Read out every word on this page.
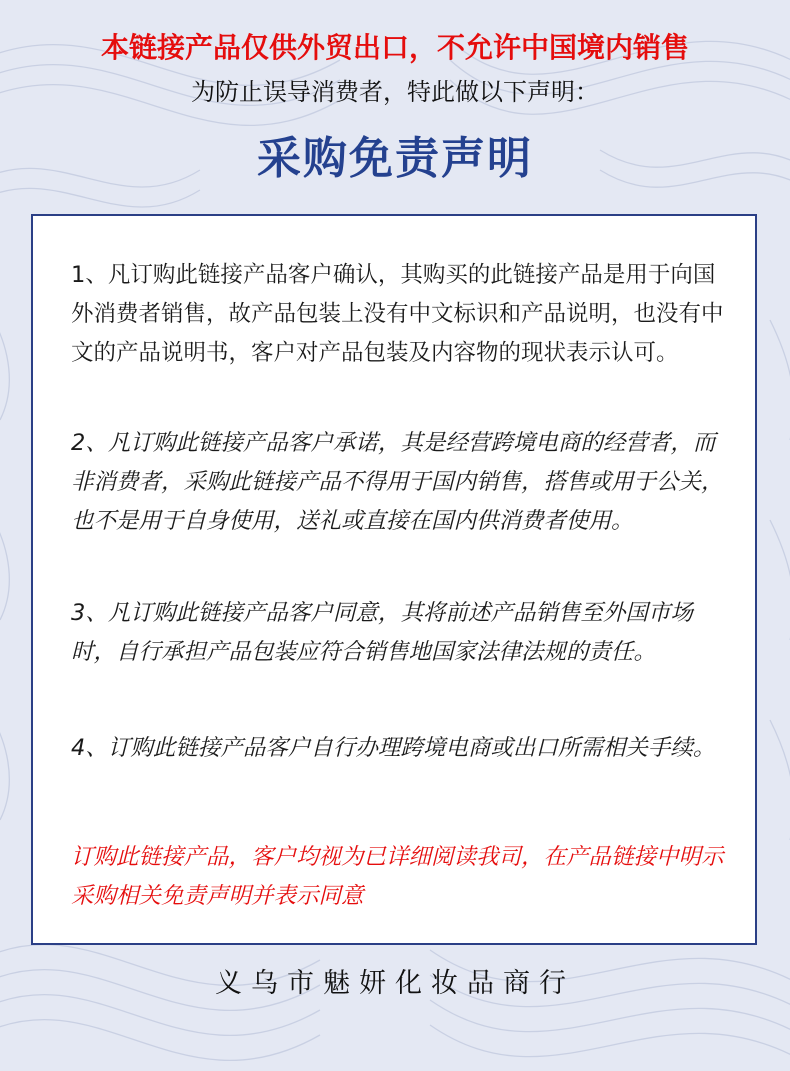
本链接产品仅供外贸出口，不允许中国境内销售
为防止误导消费者，特此做以下声明：
采购免责声明
1、凡订购此链接产品客户确认，其购买的此链接产品是用于向国外消费者销售，故产品包装上没有中文标识和产品说明，也没有中文的产品说明书，客户对产品包装及内容物的现状表示认可。
2、凡订购此链接产品客户承诺，其是经营跨境电商的经营者，而非消费者，采购此链接产品不得用于国内销售，搭售或用于公关，也不是用于自身使用，送礼或直接在国内供消费者使用。
3、凡订购此链接产品客户同意，其将前述产品销售至外国市场时，自行承担产品包装应符合销售地国家法律法规的责任。
4、订购此链接产品客户自行办理跨境电商或出口所需相关手续。
订购此链接产品，客户均视为已详细阅读我司，在产品链接中明示采购相关免责声明并表示同意
义乌市魅妍化妆品商行
